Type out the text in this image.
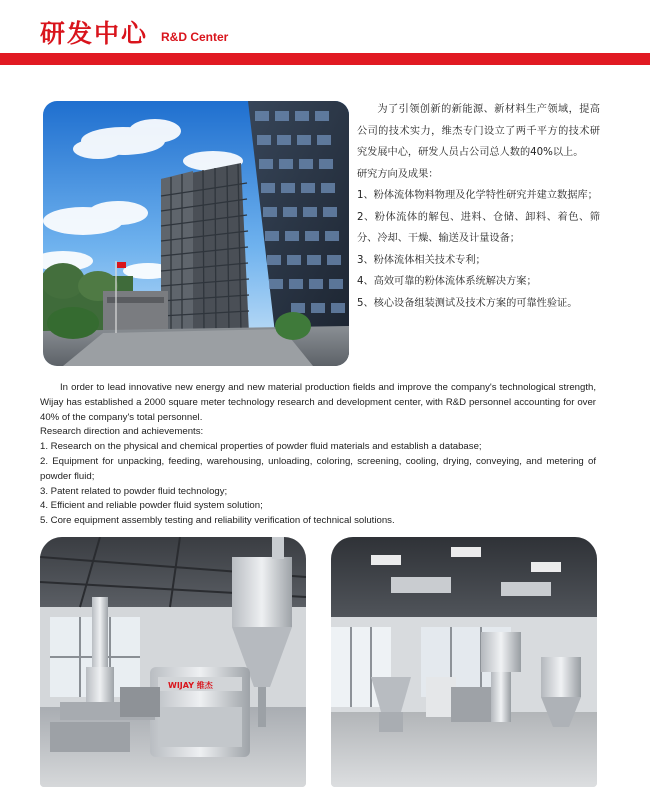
研发中心 R&D Center

为了引领创新的新能源、新材料生产领域，提高公司的技术实力，维杰专门设立了两千平方的技术研究发展中心，研发人员占公司总人数的40%以上。

研究方向及成果：

1、粉体流体物料物理及化学特性研究并建立数据库；

2、粉体流体的解包、进料、仓储、卸料、着色、筛分、冷却、干燥、输送及计量设备；

3、粉体流体相关技术专利；

4、高效可靠的粉体流体系统解决方案；

5、核心设备组装测试及技术方案的可靠性验证。

In order to lead innovative new energy and new material production fields and improve the company's technological strength, Wijay has established a 2000 square meter technology research and development center, with R&D personnel accounting for over 40% of the company's total personnel.

Research direction and achievements:

1. Research on the physical and chemical properties of powder fluid materials and establish a database;

2. Equipment for unpacking, feeding, warehousing, unloading, coloring, screening, cooling, drying, conveying, and metering of powder fluid;

3. Patent related to powder fluid technology;

4. Efficient and reliable powder fluid system solution;

5. Core equipment assembly testing and reliability verification of technical solutions.

WIJAY 维杰
